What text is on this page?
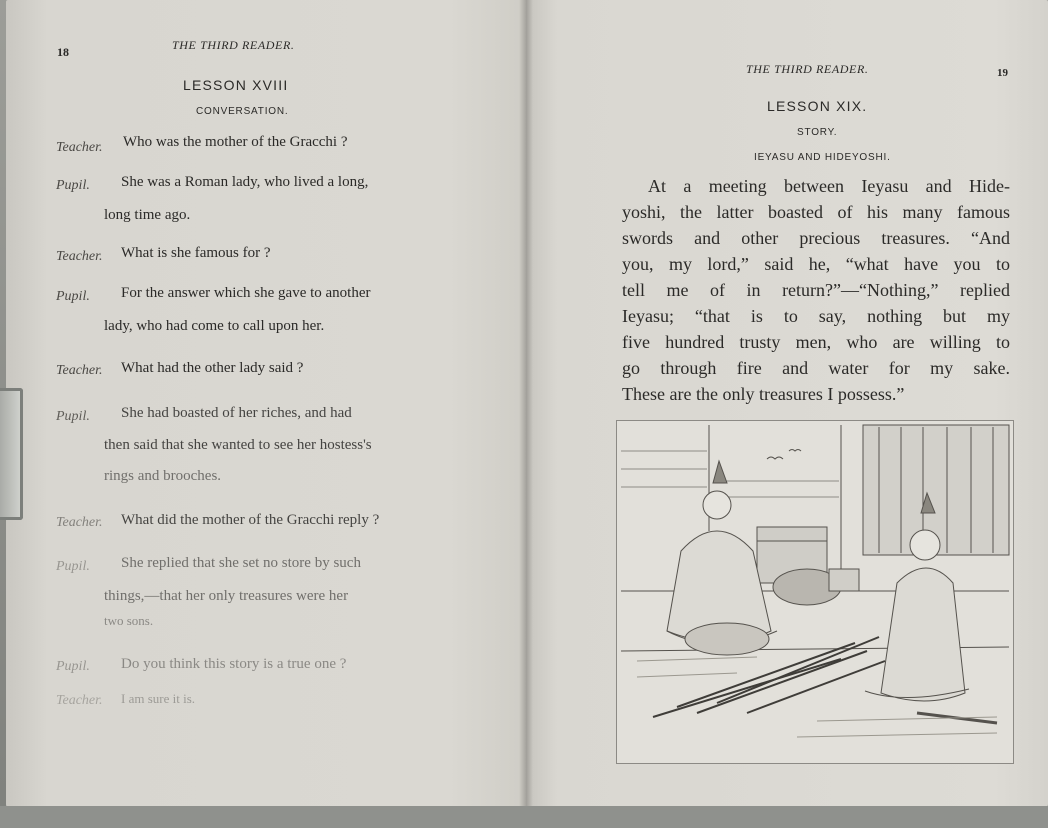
18	THE THIRD READER.
LESSON XVIII
CONVERSATION.
Teacher. Who was the mother of the Gracchi ?
Pupil. She was a Roman lady, who lived a long,
long time ago.
Teacher. What is she famous for ?
Pupil. For the answer which she gave to another
lady, who had come to call upon her.
Teacher. What had the other lady said ?
Pupil. She had boasted of her riches, and had
then said that she wanted to see her hostess's
rings and brooches.
Teacher. What did the mother of the Gracchi reply ?
Pupil. She replied that she set no store by such
things,—that her only treasures were her
two sons.
Pupil. Do you think this story is a true one ?
Teacher. I am sure it is.
THE THIRD READER.	19
LESSON XIX.
STORY.
IEYASU AND HIDEYOSHI.
At a meeting between Ieyasu and Hide-
yoshi, the latter boasted of his many famous
swords and other precious treasures. “And
you, my lord,” said he, “what have you to
tell me of in return?”—“Nothing,” replied
Ieyasu; “that is to say, nothing but my
five hundred trusty men, who are willing to
go through fire and water for my sake.
These are the only treasures I possess.”
